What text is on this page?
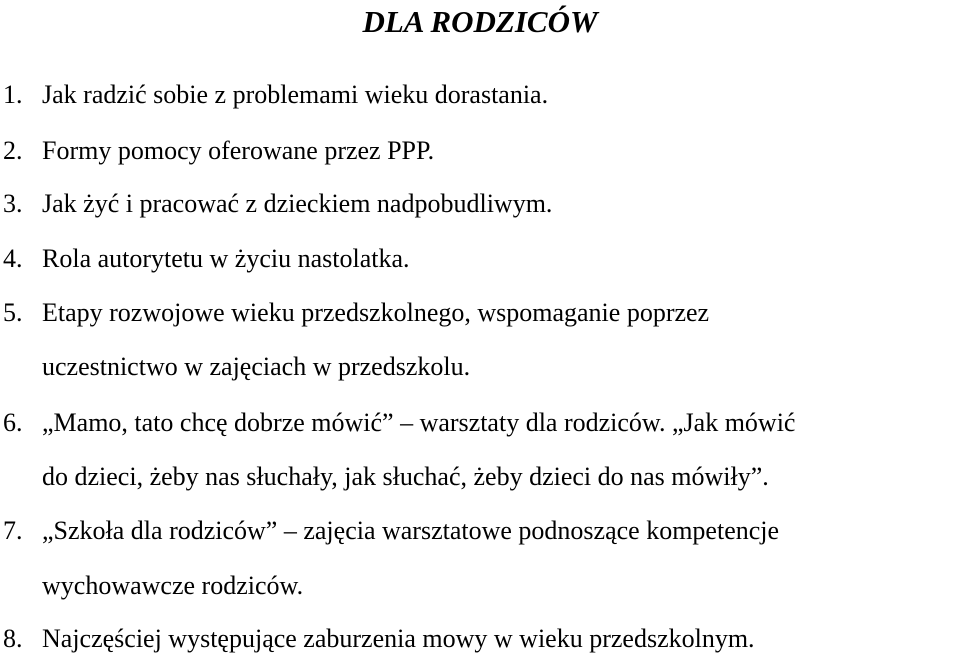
DLA RODZICÓW
1. Jak radzić sobie z problemami wieku dorastania.
2. Formy pomocy oferowane przez PPP.
3. Jak żyć i pracować z dzieckiem nadpobudliwym.
4. Rola autorytetu w życiu nastolatka.
5. Etapy rozwojowe wieku przedszkolnego, wspomaganie poprzez
uczestnictwo w zajęciach w przedszkolu.
6. „Mamo, tato chcę dobrze mówić” – warsztaty dla rodziców. „Jak mówić
do dzieci, żeby nas słuchały, jak słuchać, żeby dzieci do nas mówiły”.
7. „Szkoła dla rodziców” – zajęcia warsztatowe podnoszące kompetencje
wychowawcze rodziców.
8. Najczęściej występujące zaburzenia mowy w wieku przedszkolnym.
